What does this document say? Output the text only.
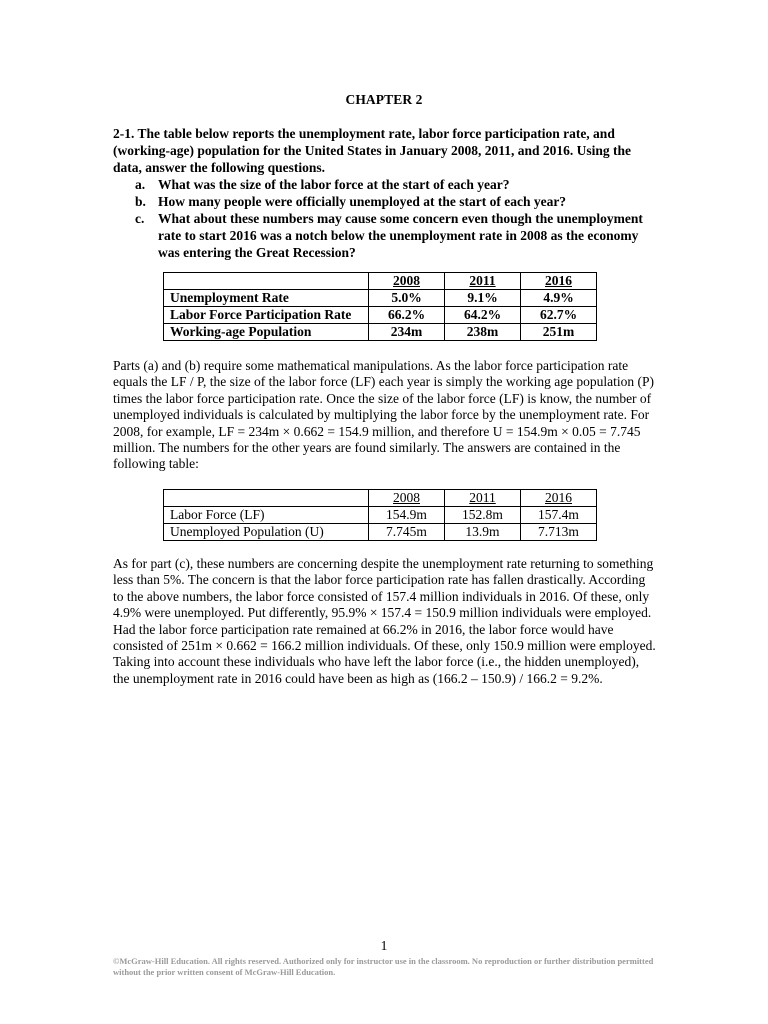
CHAPTER 2

2-1. The table below reports the unemployment rate, labor force participation rate, and (working-age) population for the United States in January 2008, 2011, and 2016. Using the data, answer the following questions.

a. What was the size of the labor force at the start of each year?
b. How many people were officially unemployed at the start of each year?
c. What about these numbers may cause some concern even though the unemployment rate to start 2016 was a notch below the unemployment rate in 2008 as the economy was entering the Great Recession?
	2008	2011	2016
Unemployment Rate	5.0%	9.1%	4.9%
Labor Force Participation Rate	66.2%	64.2%	62.7%
Working-age Population	234m	238m	251m

Parts (a) and (b) require some mathematical manipulations. As the labor force participation rate equals the LF / P, the size of the labor force (LF) each year is simply the working age population (P) times the labor force participation rate. Once the size of the labor force (LF) is know, the number of unemployed individuals is calculated by multiplying the labor force by the unemployment rate. For 2008, for example, LF = 234m × 0.662 = 154.9 million, and therefore U = 154.9m × 0.05 = 7.745 million. The numbers for the other years are found similarly. The answers are contained in the following table:

	2008	2011	2016
Labor Force (LF)	154.9m	152.8m	157.4m
Unemployed Population (U)	7.745m	13.9m	7.713m

As for part (c), these numbers are concerning despite the unemployment rate returning to something less than 5%. The concern is that the labor force participation rate has fallen drastically. According to the above numbers, the labor force consisted of 157.4 million individuals in 2016. Of these, only 4.9% were unemployed. Put differently, 95.9% × 157.4 = 150.9 million individuals were employed. Had the labor force participation rate remained at 66.2% in 2016, the labor force would have consisted of 251m × 0.662 = 166.2 million individuals. Of these, only 150.9 million were employed. Taking into account these individuals who have left the labor force (i.e., the hidden unemployed), the unemployment rate in 2016 could have been as high as (166.2 – 150.9) / 166.2 = 9.2%.

1
©McGraw-Hill Education. All rights reserved. Authorized only for instructor use in the classroom. No reproduction or further distribution permitted without the prior written consent of McGraw-Hill Education.
